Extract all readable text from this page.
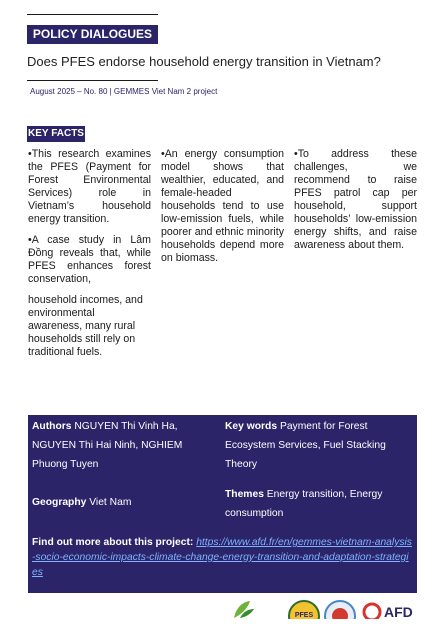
POLICY DIALOGUES
Does PFES endorse household energy transition in Vietnam?
August 2025 – No. 80 | GEMMES Viet Nam 2 project
KEY FACTS

•This research examines the PFES (Payment for Forest Environmental Services) role in Vietnam’s household energy transition.

•A case study in Lâm Đồng reveals that, while PFES enhances forest conservation,

household incomes, and environmental awareness, many rural households still rely on traditional fuels.

•An energy consumption model shows that wealthier, educated, and female-headed households tend to use low-emission fuels, while poorer and ethnic minority households depend more on biomass.

•To address these challenges, we recommend to raise PFES patrol cap per household, support households’ low-emission energy shifts, and raise awareness about them.

Authors NGUYEN Thi Vinh Ha, NGUYEN Thi Hai Ninh, NGHIEM Phuong Tuyen
Key words Payment for Forest Ecosystem Services, Fuel Stacking Theory
Geography Viet Nam
Themes Energy transition, Energy consumption
Find out more about this project: https://www.afd.fr/en/gemmes-vietnam-analysis-socio-economic-impacts-climate-change-energy-transition-and-adaptation-strategies
PFES	AFD
